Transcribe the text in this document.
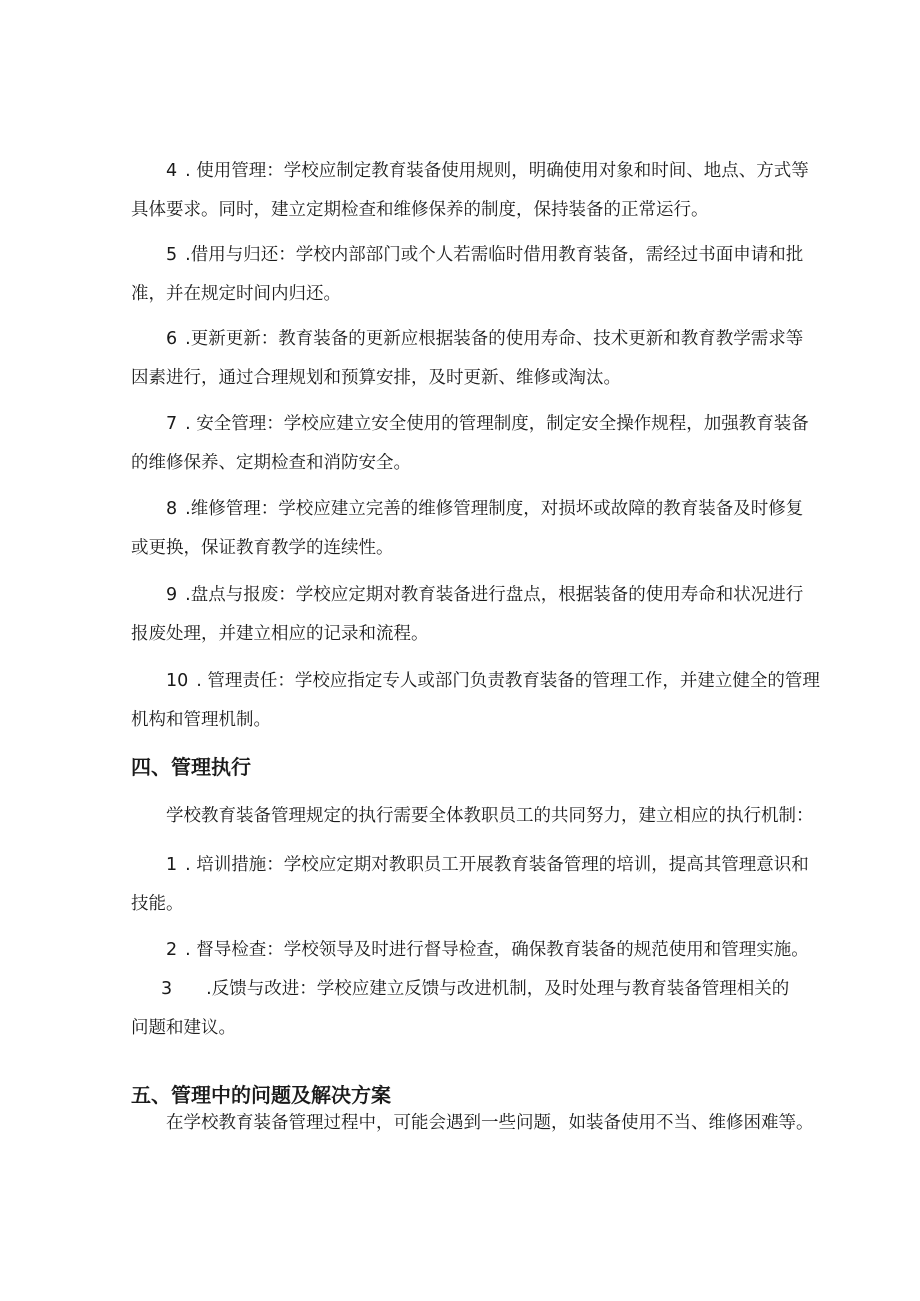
4 . 使用管理：学校应制定教育装备使用规则，明确使用对象和时间、地点、方式等
具体要求。同时，建立定期检查和维修保养的制度，保持装备的正常运行。

5 .借用与归还：学校内部部门或个人若需临时借用教育装备，需经过书面申请和批
准，并在规定时间内归还。

6 .更新更新：教育装备的更新应根据装备的使用寿命、技术更新和教育教学需求等
因素进行，通过合理规划和预算安排，及时更新、维修或淘汰。

7 . 安全管理：学校应建立安全使用的管理制度，制定安全操作规程，加强教育装备
的维修保养、定期检查和消防安全。

8 .维修管理：学校应建立完善的维修管理制度，对损坏或故障的教育装备及时修复
或更换，保证教育教学的连续性。

9 .盘点与报废：学校应定期对教育装备进行盘点，根据装备的使用寿命和状况进行
报废处理，并建立相应的记录和流程。

10 . 管理责任：学校应指定专人或部门负责教育装备的管理工作，并建立健全的管理
机构和管理机制。

四、管理执行

学校教育装备管理规定的执行需要全体教职员工的共同努力，建立相应的执行机制：

1 . 培训措施：学校应定期对教职员工开展教育装备管理的培训，提高其管理意识和
技能。

2 . 督导检查：学校领导及时进行督导检查，确保教育装备的规范使用和管理实施。

3 .反馈与改进：学校应建立反馈与改进机制，及时处理与教育装备管理相关的
问题和建议。

五、管理中的问题及解决方案

在学校教育装备管理过程中，可能会遇到一些问题，如装备使用不当、维修困难等。
